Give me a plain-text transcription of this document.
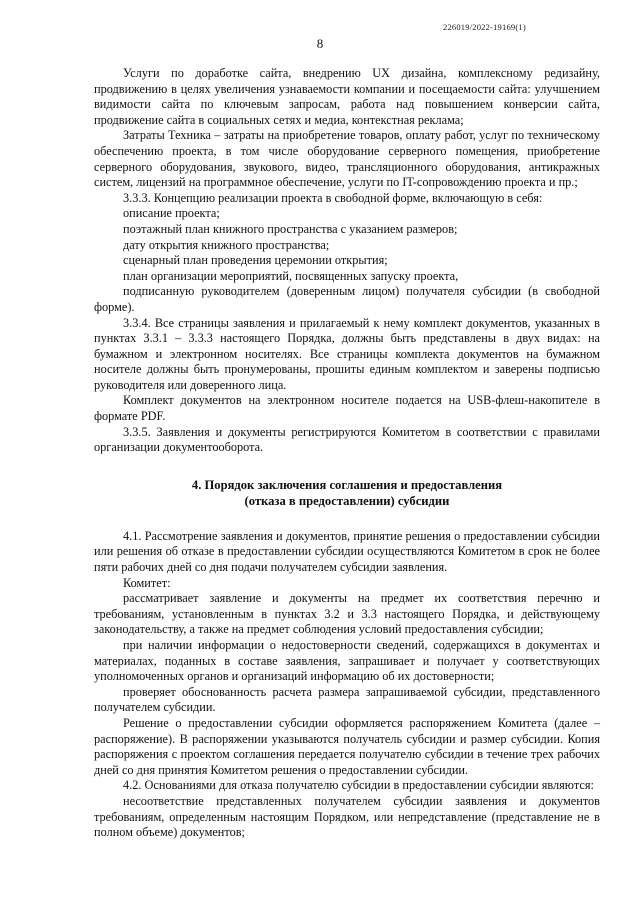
226019/2022-19169(1)
8

Услуги по доработке сайта, внедрению UX дизайна, комплексному редизайну, продвижению в целях увеличения узнаваемости компании и посещаемости сайта: улучшением видимости сайта по ключевым запросам, работа над повышением конверсии сайта, продвижение сайта в социальных сетях и медиа, контекстная реклама;

Затраты Техника – затраты на приобретение товаров, оплату работ, услуг по техническому обеспечению проекта, в том числе оборудование серверного помещения, приобретение серверного оборудования, звукового, видео, трансляционного оборудования, антикражных систем, лицензий на программное обеспечение, услуги по IT-сопровождению проекта и пр.;

3.3.3. Концепцию реализации проекта в свободной форме, включающую в себя:

описание проекта;

поэтажный план книжного пространства с указанием размеров;

дату открытия книжного пространства;

сценарный план проведения церемонии открытия;

план организации мероприятий, посвященных запуску проекта,

подписанную руководителем (доверенным лицом) получателя субсидии (в свободной форме).

3.3.4. Все страницы заявления и прилагаемый к нему комплект документов, указанных в пунктах 3.3.1 – 3.3.3 настоящего Порядка, должны быть представлены в двух видах: на бумажном и электронном носителях. Все страницы комплекта документов на бумажном носителе должны быть пронумерованы, прошиты единым комплектом и заверены подписью руководителя или доверенного лица.

Комплект документов на электронном носителе подается на USB-флеш-накопителе в формате PDF.

3.3.5. Заявления и документы регистрируются Комитетом в соответствии с правилами организации документооборота.

4. Порядок заключения соглашения и предоставления
(отказа в предоставлении) субсидии

4.1. Рассмотрение заявления и документов, принятие решения о предоставлении субсидии или решения об отказе в предоставлении субсидии осуществляются Комитетом в срок не более пяти рабочих дней со дня подачи получателем субсидии заявления.

Комитет:

рассматривает заявление и документы на предмет их соответствия перечню и требованиям, установленным в пунктах 3.2 и 3.3 настоящего Порядка, и действующему законодательству, а также на предмет соблюдения условий предоставления субсидии;

при наличии информации о недостоверности сведений, содержащихся в документах и материалах, поданных в составе заявления, запрашивает и получает у соответствующих уполномоченных органов и организаций информацию об их достоверности;

проверяет обоснованность расчета размера запрашиваемой субсидии, представленного получателем субсидии.

Решение о предоставлении субсидии оформляется распоряжением Комитета (далее – распоряжение). В распоряжении указываются получатель субсидии и размер субсидии. Копия распоряжения с проектом соглашения передается получателю субсидии в течение трех рабочих дней со дня принятия Комитетом решения о предоставлении субсидии.

4.2. Основаниями для отказа получателю субсидии в предоставлении субсидии являются:

несоответствие представленных получателем субсидии заявления и документов требованиям, определенным настоящим Порядком, или непредставление (представление не в полном объеме) документов;
